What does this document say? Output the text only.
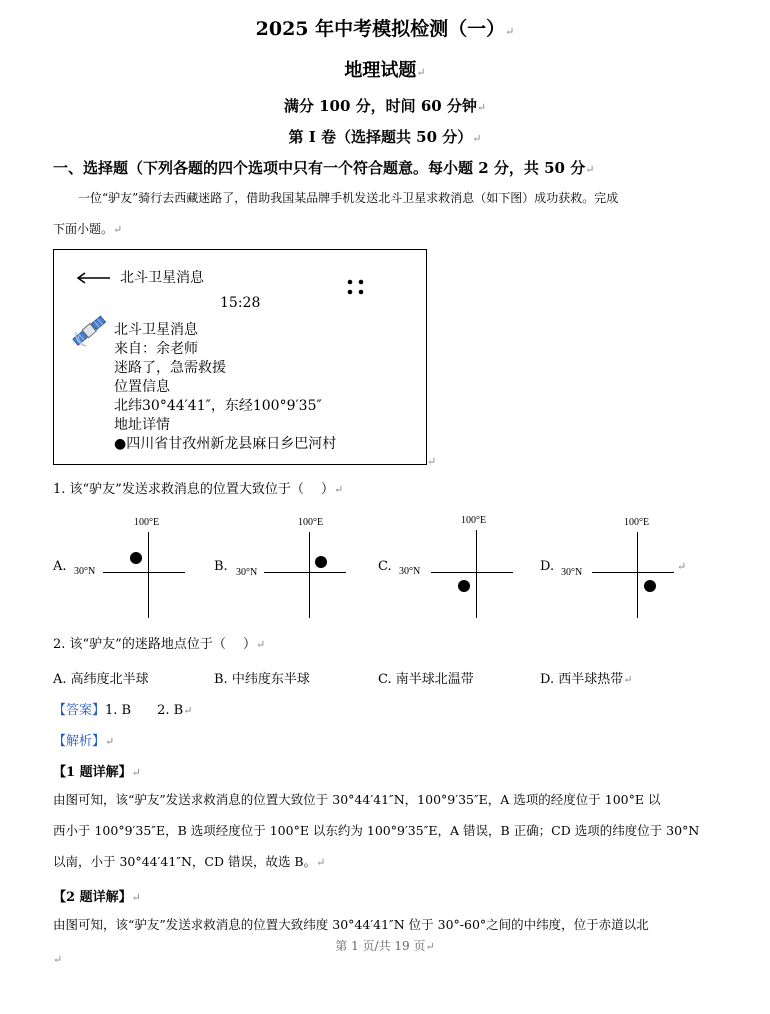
2025 年中考模拟检测（一）↵
地理试题↵
满分 100 分，时间 60 分钟↵
第 I 卷（选择题共 50 分）↵
一、选择题（下列各题的四个选项中只有一个符合题意。每小题 2 分，共 50 分↵
一位“驴友”骑行去西藏迷路了，借助我国某品牌手机发送北斗卫星求救消息（如下图）成功获救。完成
下面小题。↵
北斗卫星消息
15:28
北斗卫星消息
来自：余老师
迷路了，急需救援
位置信息
北纬30°44′41″，东经100°9′35″
地址详情
●四川省甘孜州新龙县麻日乡巴河村
↵
1. 该“驴友”发送求救消息的位置大致位于（　 ）↵
A.
100°E
30°N	B.
100°E
30°N	C.
100°E
30°N	D.
100°E
30°N	↵
2. 该“驴友”的迷路地点位于（　 ）↵
A. 高纬度北半球	B. 中纬度东半球	C. 南半球北温带	D. 西半球热带↵
【答案】1. B　　2. B↵
【解析】↵
【1 题详解】↵
由图可知，该“驴友”发送求救消息的位置大致位于 30°44′41″N，100°9′35″E，A 选项的经度位于 100°E 以
西小于 100°9′35″E，B 选项经度位于 100°E 以东约为 100°9′35″E，A 错误，B 正确；CD 选项的纬度位于 30°N
以南，小于 30°44′41″N，CD 错误，故选 B。↵
【2 题详解】↵
由图可知，该“驴友”发送求救消息的位置大致纬度 30°44′41″N 位于 30°-60°之间的中纬度，位于赤道以北
第 1 页/共 19 页↵
↵
